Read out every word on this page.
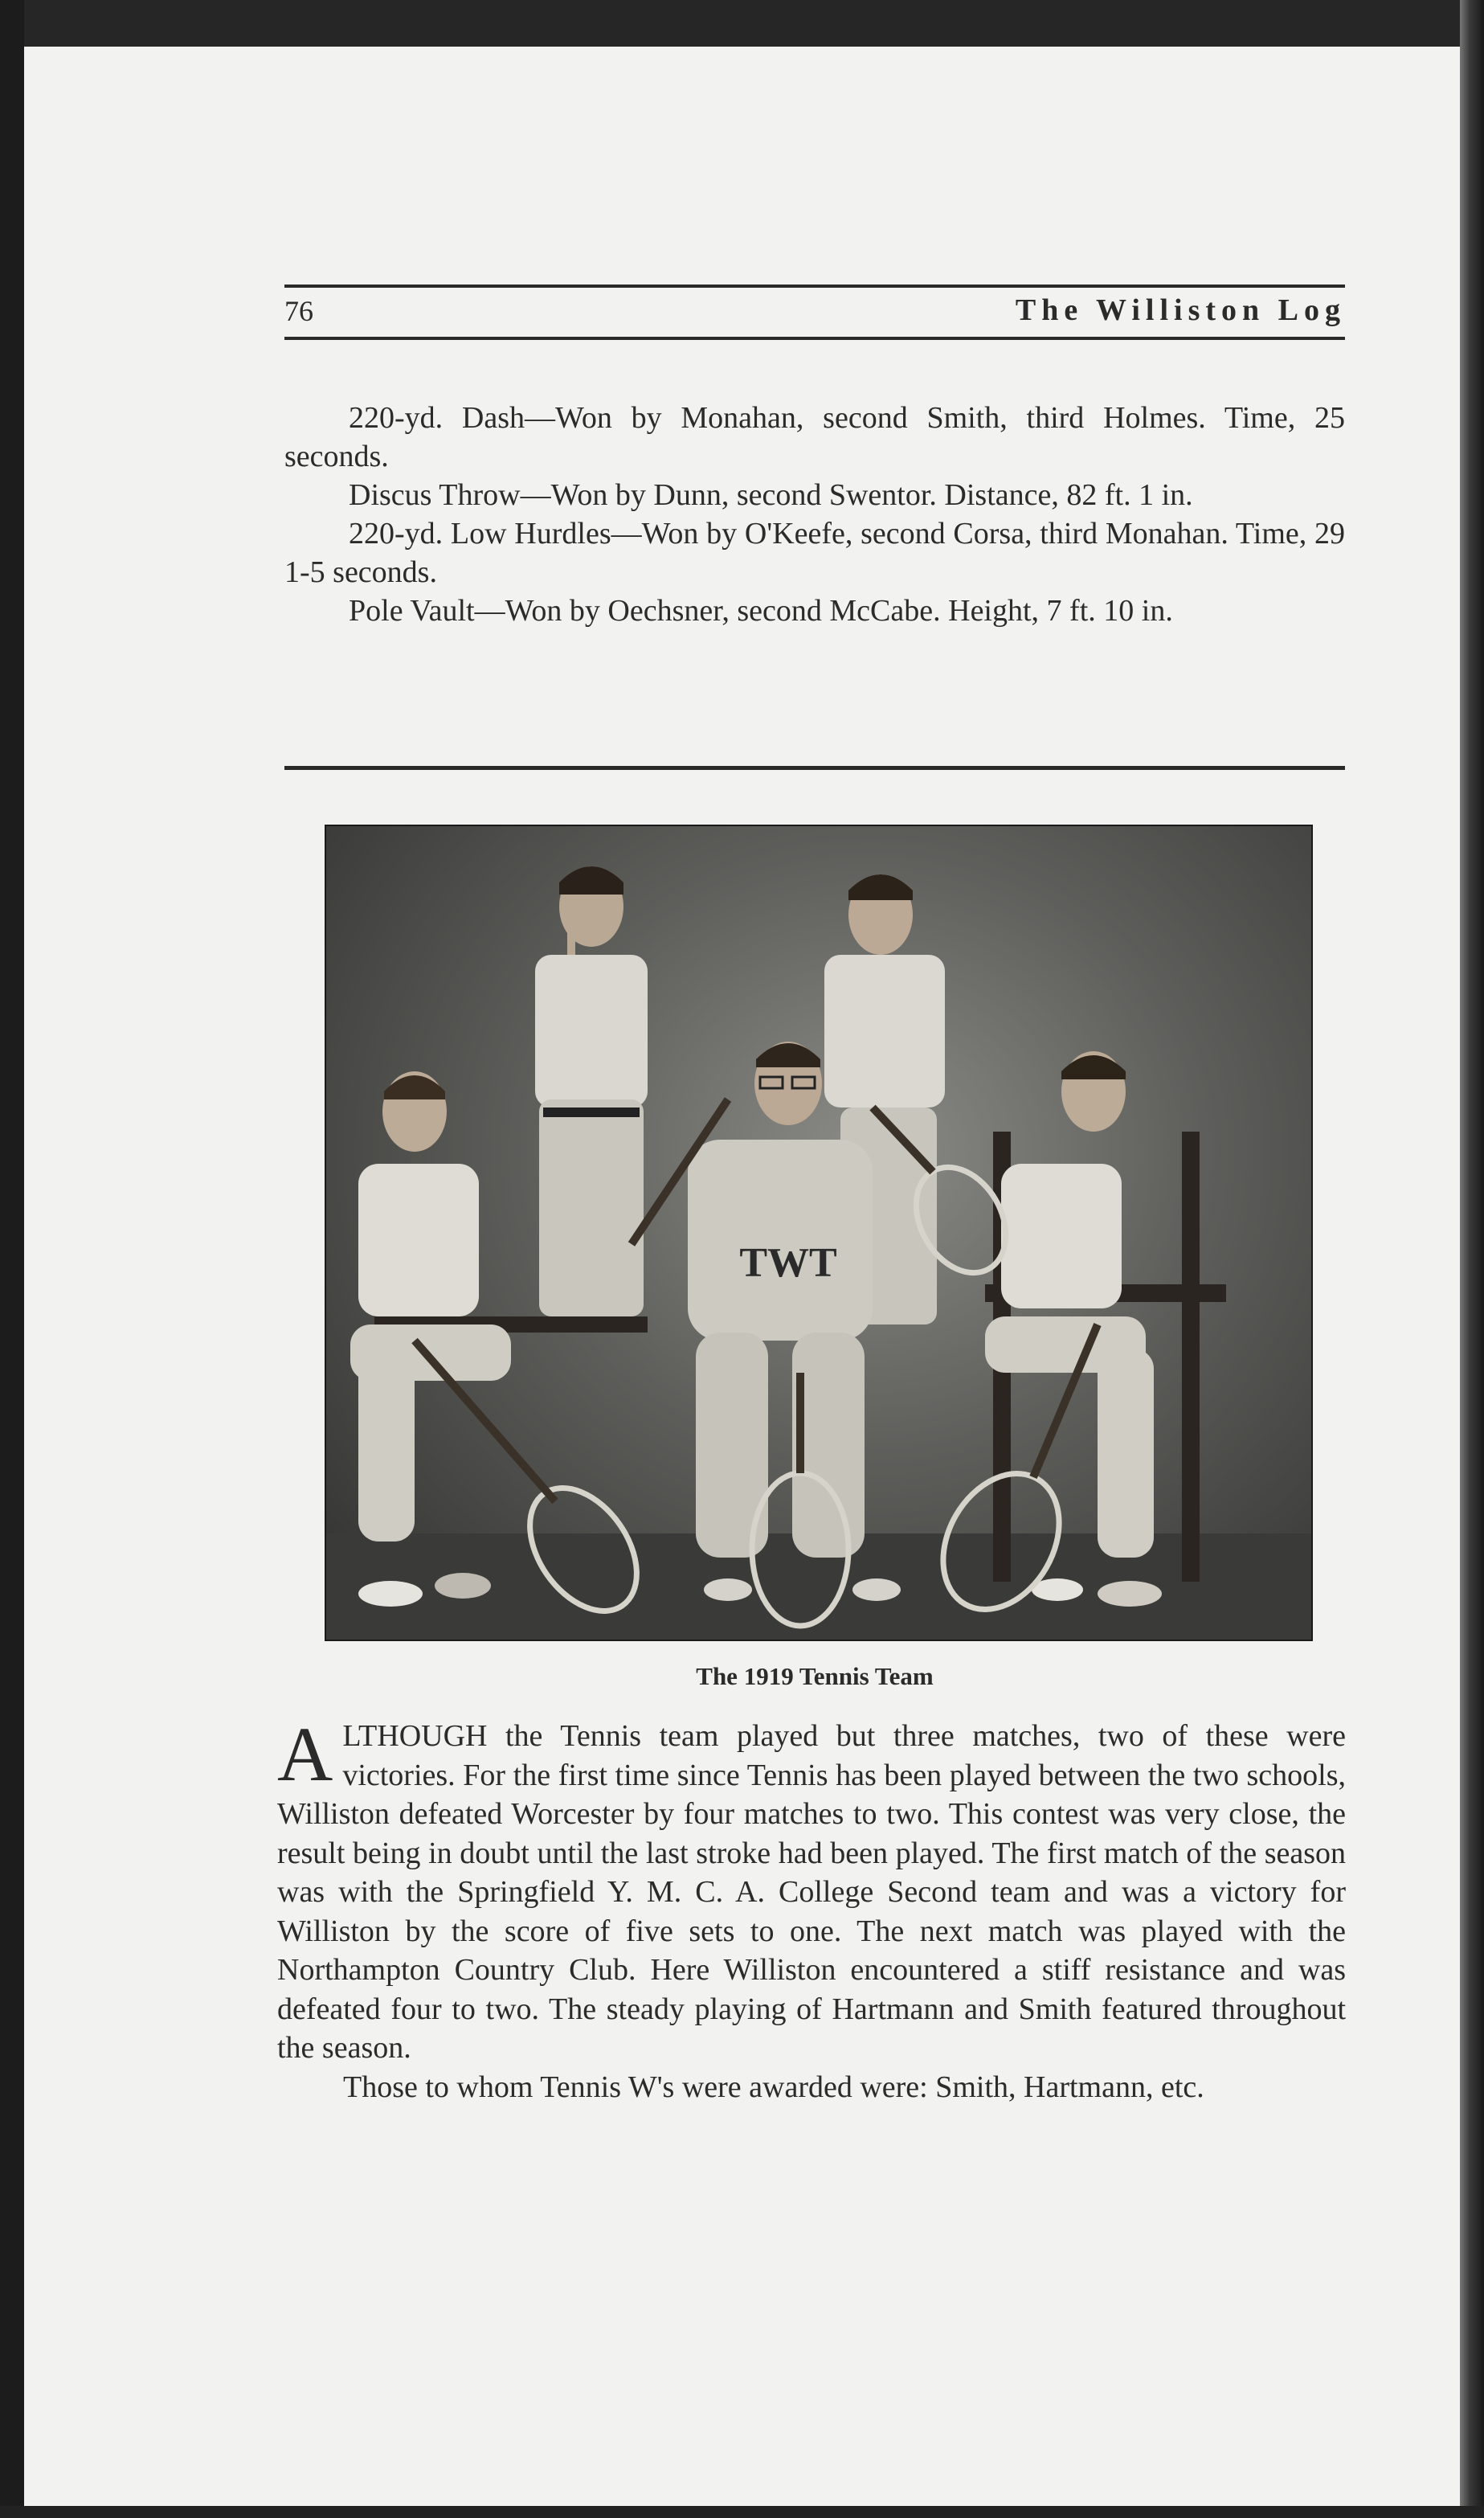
76	The Williston Log

220-yd. Dash—Won by Monahan, second Smith, third Holmes. Time, 25 seconds.

Discus Throw—Won by Dunn, second Swentor. Distance, 82 ft. 1 in.

220-yd. Low Hurdles—Won by O'Keefe, second Corsa, third Monahan. Time, 29 1-5 seconds.

Pole Vault—Won by Oechsner, second McCabe. Height, 7 ft. 10 in.

TWT
The 1919 Tennis Team

ALTHOUGH the Tennis team played but three matches, two of these were victories. For the first time since Tennis has been played between the two schools, Williston defeated Worcester by four matches to two. This contest was very close, the result being in doubt until the last stroke had been played. The first match of the season was with the Springfield Y. M. C. A. College Second team and was a victory for Williston by the score of five sets to one. The next match was played with the Northampton Country Club. Here Williston encountered a stiff resistance and was defeated four to two. The steady playing of Hartmann and Smith featured throughout the season.

Those to whom Tennis W's were awarded were: Smith, Hartmann, etc.
